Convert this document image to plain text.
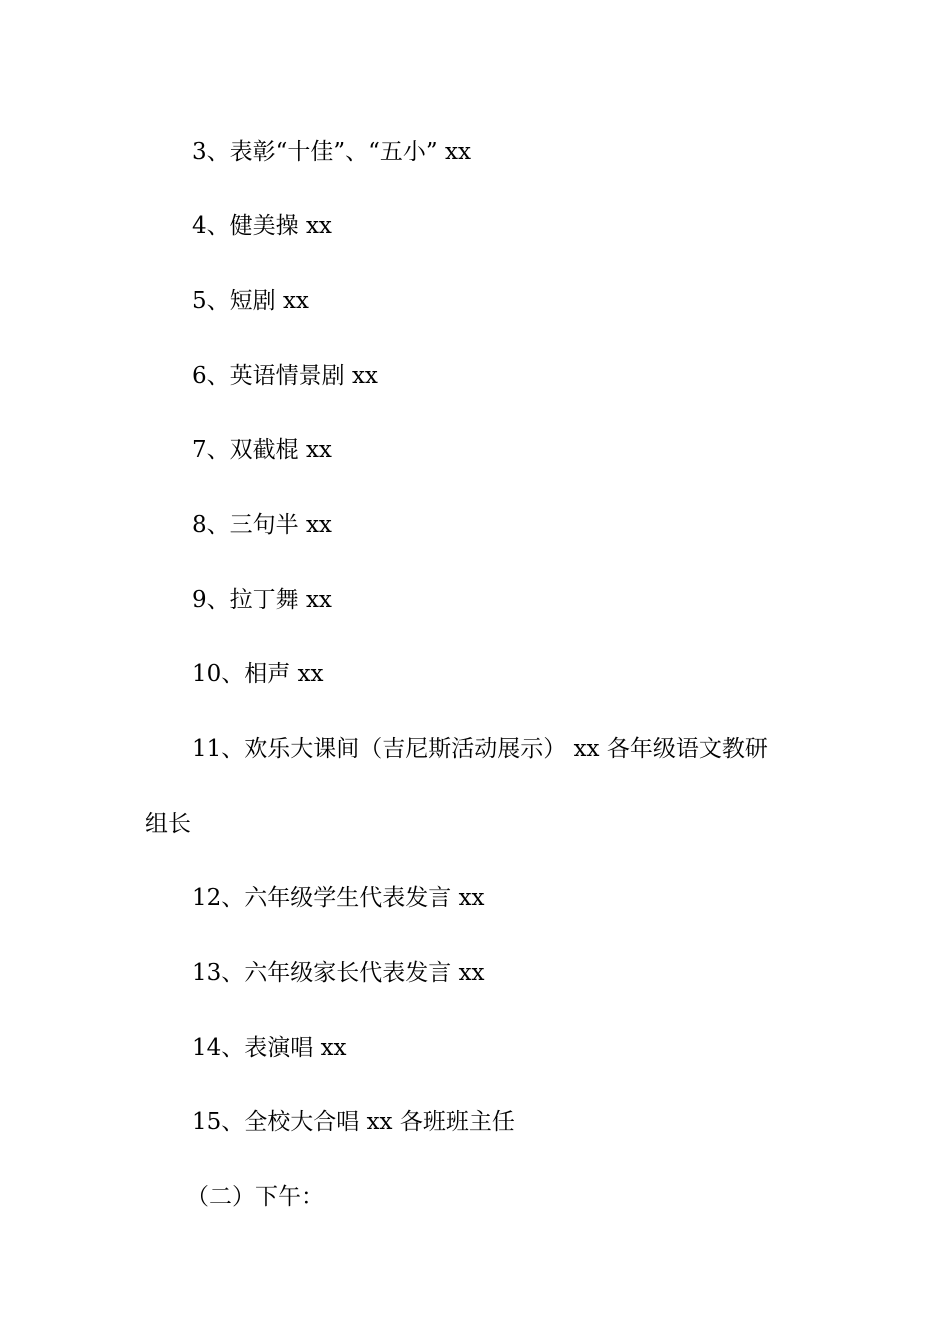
3、表彰“十佳”、“五小” xx
4、健美操 xx
5、短剧 xx
6、英语情景剧 xx
7、双截棍 xx
8、三句半 xx
9、拉丁舞 xx
10、相声 xx
11、欢乐大课间（吉尼斯活动展示） xx 各年级语文教研
组长
12、六年级学生代表发言 xx
13、六年级家长代表发言 xx
14、表演唱 xx
15、全校大合唱 xx 各班班主任
（二）下午：
